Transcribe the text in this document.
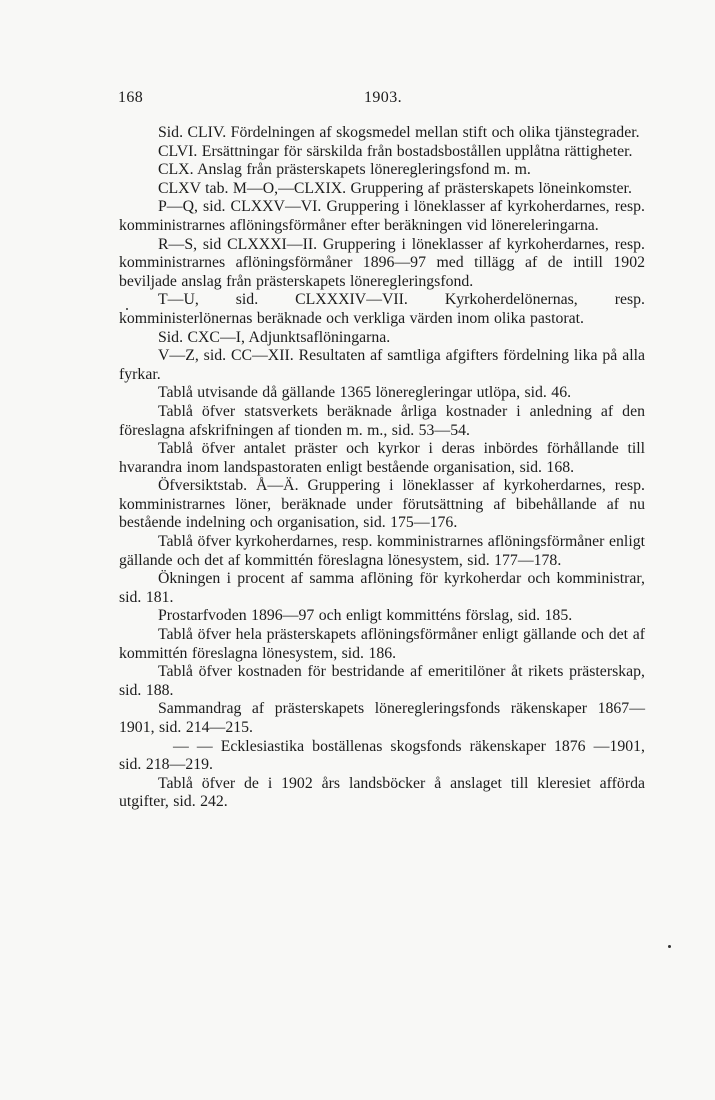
168	1903.

Sid. CLIV. Fördelningen af skogsmedel mellan stift och olika tjänstegrader.

CLVI. Ersättningar för särskilda från bostadsbostållen upplåtna rättigheter.

CLX. Anslag från prästerskapets löneregleringsfond m. m.

CLXV tab. M—O,—CLXIX. Gruppering af prästerskapets löneinkomster.

P—Q, sid. CLXXV—VI. Gruppering i löneklasser af kyrkoherdarnes, resp. komministrarnes aflöningsförmåner efter beräkningen vid lönereleringarna.

R—S, sid CLXXXI—II. Gruppering i löneklasser af kyrkoherdarnes, resp. komministrarnes aflöningsförmåner 1896—97 med tillägg af de intill 1902 beviljade anslag från prästerskapets löneregleringsfond.

T—U, sid. CLXXXIV—VII. Kyrkoherdelönernas, resp. komministerlönernas beräknade och verkliga värden inom olika pastorat.

Sid. CXC—I, Adjunktsaflöningarna.

V—Z, sid. CC—XII. Resultaten af samtliga afgifters fördelning lika på alla fyrkar.

Tablå utvisande då gällande 1365 löneregleringar utlöpa, sid. 46.

Tablå öfver statsverkets beräknade årliga kostnader i anledning af den föreslagna afskrifningen af tionden m. m., sid. 53—54.

Tablå öfver antalet präster och kyrkor i deras inbördes förhållande till hvarandra inom landspastoraten enligt bestående organisation, sid. 168.

Öfversiktstab. Å—Ä. Gruppering i löneklasser af kyrkoherdarnes, resp. komministrarnes löner, beräknade under förutsättning af bibehållande af nu bestående indelning och organisation, sid. 175—176.

Tablå öfver kyrkoherdarnes, resp. komministrarnes aflöningsförmåner enligt gällande och det af kommittén föreslagna lönesystem, sid. 177—178.

Ökningen i procent af samma aflöning för kyrkoherdar och komministrar, sid. 181.

Prostarfvoden 1896—97 och enligt kommitténs förslag, sid. 185.

Tablå öfver hela prästerskapets aflöningsförmåner enligt gällande och det af kommittén föreslagna lönesystem, sid. 186.

Tablå öfver kostnaden för bestridande af emeritilöner åt rikets prästerskap, sid. 188.

Sammandrag af prästerskapets löneregleringsfonds räkenskaper 1867—1901, sid. 214—215.

— — Ecklesiastika boställenas skogsfonds räkenskaper 1876 —1901, sid. 218—219.

Tablå öfver de i 1902 års landsböcker å anslaget till kleresiet afförda utgifter, sid. 242.
